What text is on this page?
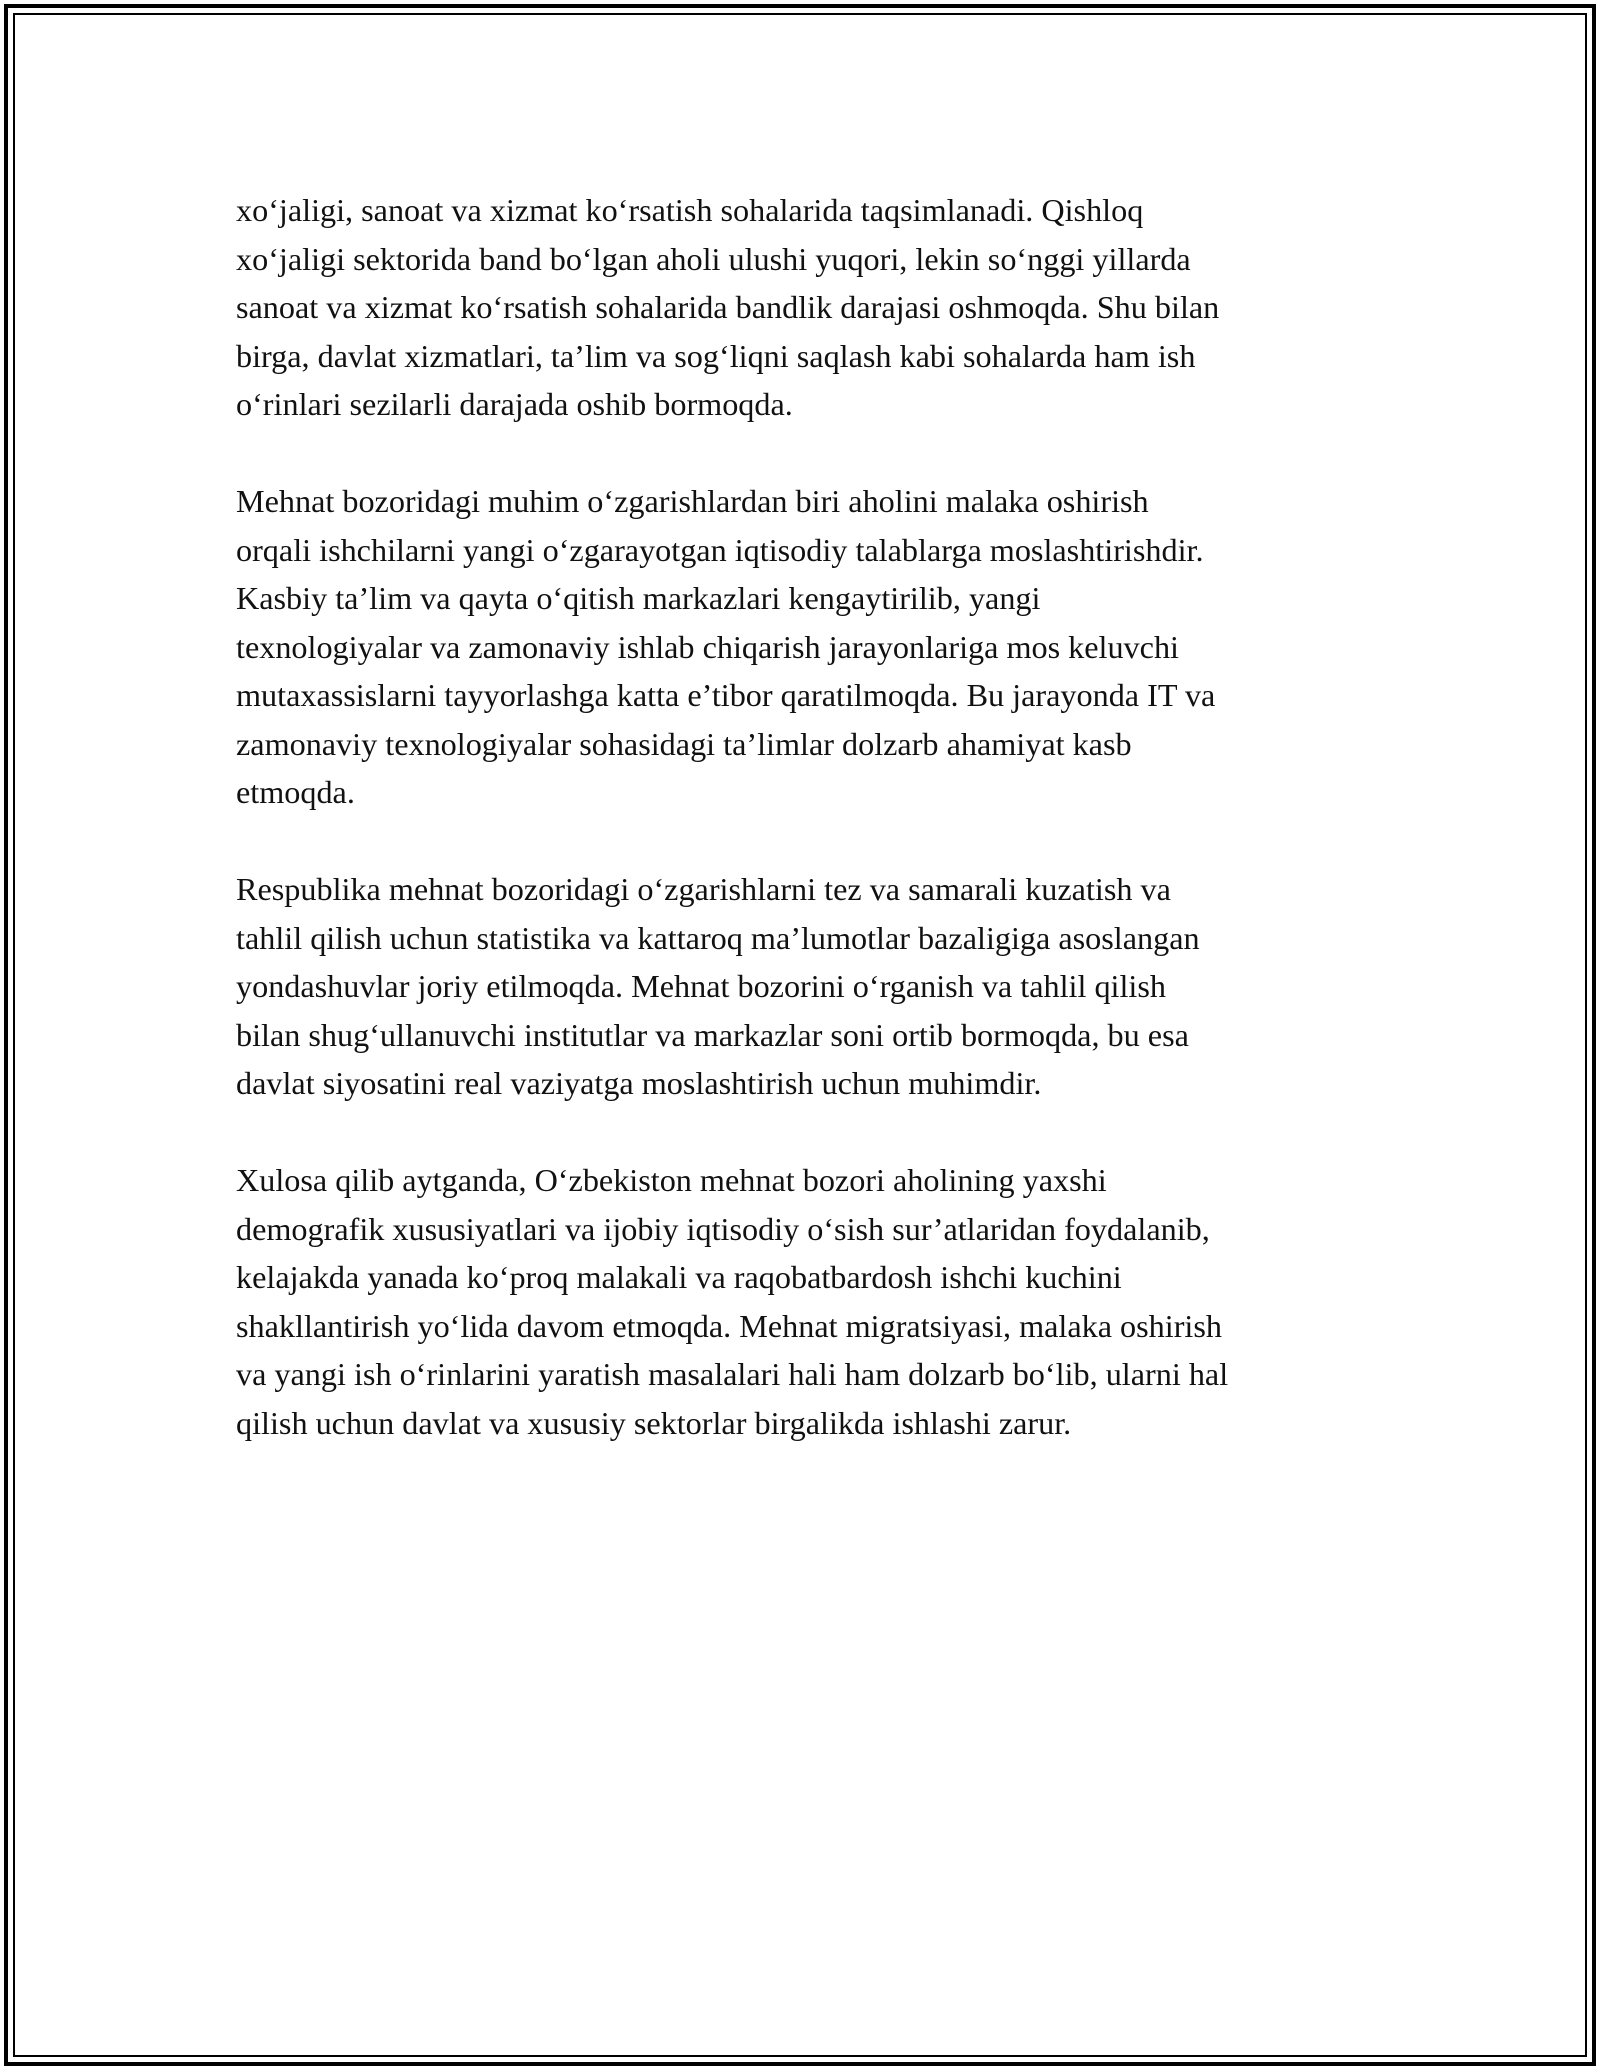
xo‘jaligi, sanoat va xizmat ko‘rsatish sohalarida taqsimlanadi. Qishloq
xo‘jaligi sektorida band bo‘lgan aholi ulushi yuqori, lekin so‘nggi yillarda
sanoat va xizmat ko‘rsatish sohalarida bandlik darajasi oshmoqda. Shu bilan
birga, davlat xizmatlari, ta’lim va sog‘liqni saqlash kabi sohalarda ham ish
o‘rinlari sezilarli darajada oshib bormoqda.

Mehnat bozoridagi muhim o‘zgarishlardan biri aholini malaka oshirish
orqali ishchilarni yangi o‘zgarayotgan iqtisodiy talablarga moslashtirishdir.
Kasbiy ta’lim va qayta o‘qitish markazlari kengaytirilib, yangi
texnologiyalar va zamonaviy ishlab chiqarish jarayonlariga mos keluvchi
mutaxassislarni tayyorlashga katta e’tibor qaratilmoqda. Bu jarayonda IT va
zamonaviy texnologiyalar sohasidagi ta’limlar dolzarb ahamiyat kasb
etmoqda.

Respublika mehnat bozoridagi o‘zgarishlarni tez va samarali kuzatish va
tahlil qilish uchun statistika va kattaroq ma’lumotlar bazaligiga asoslangan
yondashuvlar joriy etilmoqda. Mehnat bozorini o‘rganish va tahlil qilish
bilan shug‘ullanuvchi institutlar va markazlar soni ortib bormoqda, bu esa
davlat siyosatini real vaziyatga moslashtirish uchun muhimdir.

Xulosa qilib aytganda, O‘zbekiston mehnat bozori aholining yaxshi
demografik xususiyatlari va ijobiy iqtisodiy o‘sish sur’atlaridan foydalanib,
kelajakda yanada ko‘proq malakali va raqobatbardosh ishchi kuchini
shakllantirish yo‘lida davom etmoqda. Mehnat migratsiyasi, malaka oshirish
va yangi ish o‘rinlarini yaratish masalalari hali ham dolzarb bo‘lib, ularni hal
qilish uchun davlat va xususiy sektorlar birgalikda ishlashi zarur.
